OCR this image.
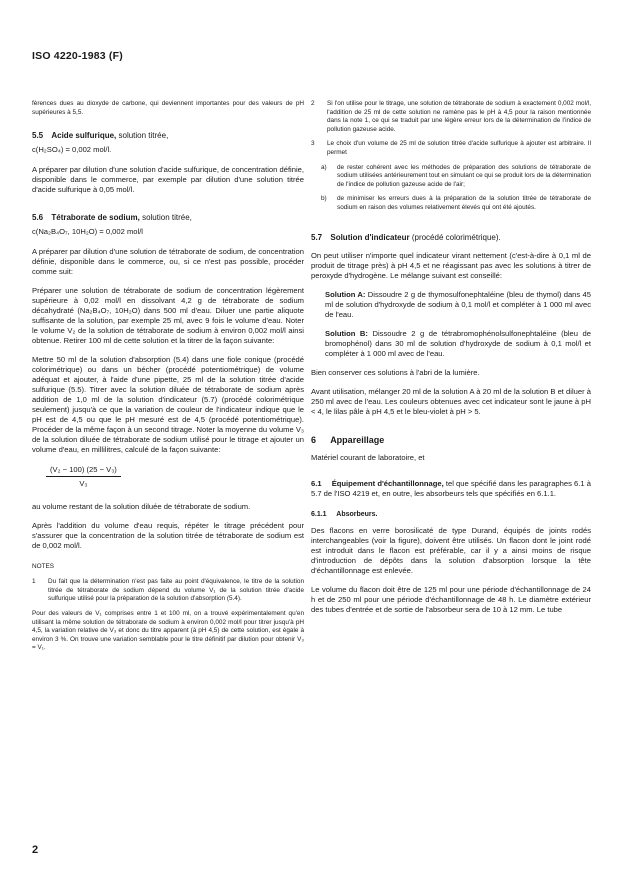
ISO 4220-1983 (F)

fèrences dues au dioxyde de carbone, qui deviennent importantes pour des valeurs de pH supérieures à 5,5.

5.5 Acide sulfurique, solution titrée,
c(H₂SO₄) = 0,002 mol/l.

A préparer par dilution d'une solution d'acide sulfurique, de concentration définie, disponible dans le commerce, par exemple par dilution d'une solution titrée d'acide sulfurique à 0,05 mol/l.

5.6 Tétraborate de sodium, solution titrée,
c(Na₂B₄O₇, 10H₂O) = 0,002 mol/l

A préparer par dilution d'une solution de tétraborate de sodium, de concentration définie, disponible dans le commerce, ou, si ce n'est pas possible, procéder comme suit:

Préparer une solution de tétraborate de sodium de concentration légèrement supérieure à 0,02 mol/l en dissolvant 4,2 g de tétraborate de sodium décahydraté (Na₂B₄O₇, 10H₂O) dans 500 ml d'eau. Diluer une partie aliquote suffisante de la solution, par exemple 25 ml, avec 9 fois le volume d'eau. Noter le volume V₂ de la solution de tétraborate de sodium à environ 0,002 mol/l ainsi obtenue. Retirer 100 ml de cette solution et la titrer de la façon suivante:

Mettre 50 ml de la solution d'absorption (5.4) dans une fiole conique (procédé colorimétrique) ou dans un bécher (procédé potentiométrique) de volume adéquat et ajouter, à l'aide d'une pipette, 25 ml de la solution titrée d'acide sulfurique (5.5). Titrer avec la solution diluée de tétraborate de sodium après addition de 1,0 ml de la solution d'indicateur (5.7) (procédé colorimétrique seulement) jusqu'à ce que la variation de couleur de l'indicateur indique que le pH est de 4,5 ou que le pH mesuré est de 4,5 (procédé potentiométrique). Procéder de la même façon à un second titrage. Noter la moyenne du volume V₃ de la solution diluée de tétraborate de sodium utilisé pour le titrage et ajouter un volume d'eau, en millilitres, calculé de la façon suivante:

$\frac{\text{(V₂ − 100) (25 − V₃)}}{\text{V₃}}$

au volume restant de la solution diluée de tétraborate de sodium.

Après l'addition du volume d'eau requis, répéter le titrage précédent pour s'assurer que la concentration de la solution titrée de tétraborate de sodium est de 0,002 mol/l.

NOTES
1	Du fait que la détermination n'est pas faite au point d'équivalence, le titre de la solution titrée de tétraborate de sodium dépend du volume V₁ de la solution titrée d'acide sulfurique utilisé pour la préparation de la solution d'absorption (5.4).

Pour des valeurs de V₁ comprises entre 1 et 100 ml, on a trouvé expérimentalement qu'en utilisant la même solution de tétraborate de sodium à environ 0,002 mol/l pour titrer jusqu'à pH 4,5, la variation relative de V₃ et donc du titre apparent (à pH 4,5) de cette solution, est égale à environ 3 %. On trouve une variation semblable pour le titre définitif par dilution pour obtenir V₃ = V₁.

2	Si l'on utilise pour le titrage, une solution de tétraborate de sodium à exactement 0,002 mol/l, l'addition de 25 ml de cette solution ne ramène pas le pH à 4,5 pour la raison mentionnée dans la note 1, ce qui se traduit par une légère erreur lors de la détermination de l'indice de pollution gazeuse acide.
3	Le choix d'un volume de 25 ml de solution titrée d'acide sulfurique à ajouter est arbitraire. Il permet
a)	de rester cohérent avec les méthodes de préparation des solutions de tétraborate de sodium utilisées antérieurement tout en simulant ce qui se produit lors de la détermination de l'indice de pollution gazeuse acide de l'air;
b)	de minimiser les erreurs dues à la préparation de la solution titrée de tétraborate de sodium en raison des volumes relativement élevés qui ont été ajoutés.
5.7 Solution d'indicateur (procédé colorimétrique).

On peut utiliser n'importe quel indicateur virant nettement (c'est-à-dire à 0,1 ml de produit de titrage près) à pH 4,5 et ne réagissant pas avec les solutions à titrer de peroxyde d'hydrogène. Le mélange suivant est conseillé:

Solution A: Dissoudre 2 g de thymosulfonephtaléine (bleu de thymol) dans 45 ml de solution d'hydroxyde de sodium à 0,1 mol/l et compléter à 1 000 ml avec de l'eau.
Solution B: Dissoudre 2 g de tétrabromophénolsulfonephtaléine (bleu de bromophénol) dans 30 ml de solution d'hydroxyde de sodium à 0,1 mol/l et compléter à 1 000 ml avec de l'eau.

Bien conserver ces solutions à l'abri de la lumière.

Avant utilisation, mélanger 20 ml de la solution A à 20 ml de la solution B et diluer à 250 ml avec de l'eau. Les couleurs obtenues avec cet indicateur sont le jaune à pH < 4, le lilas pâle à pH 4,5 et le bleu-violet à pH > 5.

6 Appareillage

Matériel courant de laboratoire, et

6.1 Équipement d'échantillonnage, tel que spécifié dans les paragraphes 6.1 à 5.7 de l'ISO 4219 et, en outre, les absorbeurs tels que spécifiés en 6.1.1.

6.1.1 Absorbeurs.

Des flacons en verre borosilicaté de type Durand, équipés de joints rodés interchangeables (voir la figure), doivent être utilisés. Un flacon dont le joint rodé est introduit dans le flacon est préférable, car il y a ainsi moins de risque d'introduction de dépôts dans la solution d'absorption lorsque la tête d'échantillonnage est enlevée.

Le volume du flacon doit être de 125 ml pour une période d'échantillonnage de 24 h et de 250 ml pour une période d'échantillonnage de 48 h. Le diamètre extérieur des tubes d'entrée et de sortie de l'absorbeur sera de 10 à 12 mm. Le tube

2
